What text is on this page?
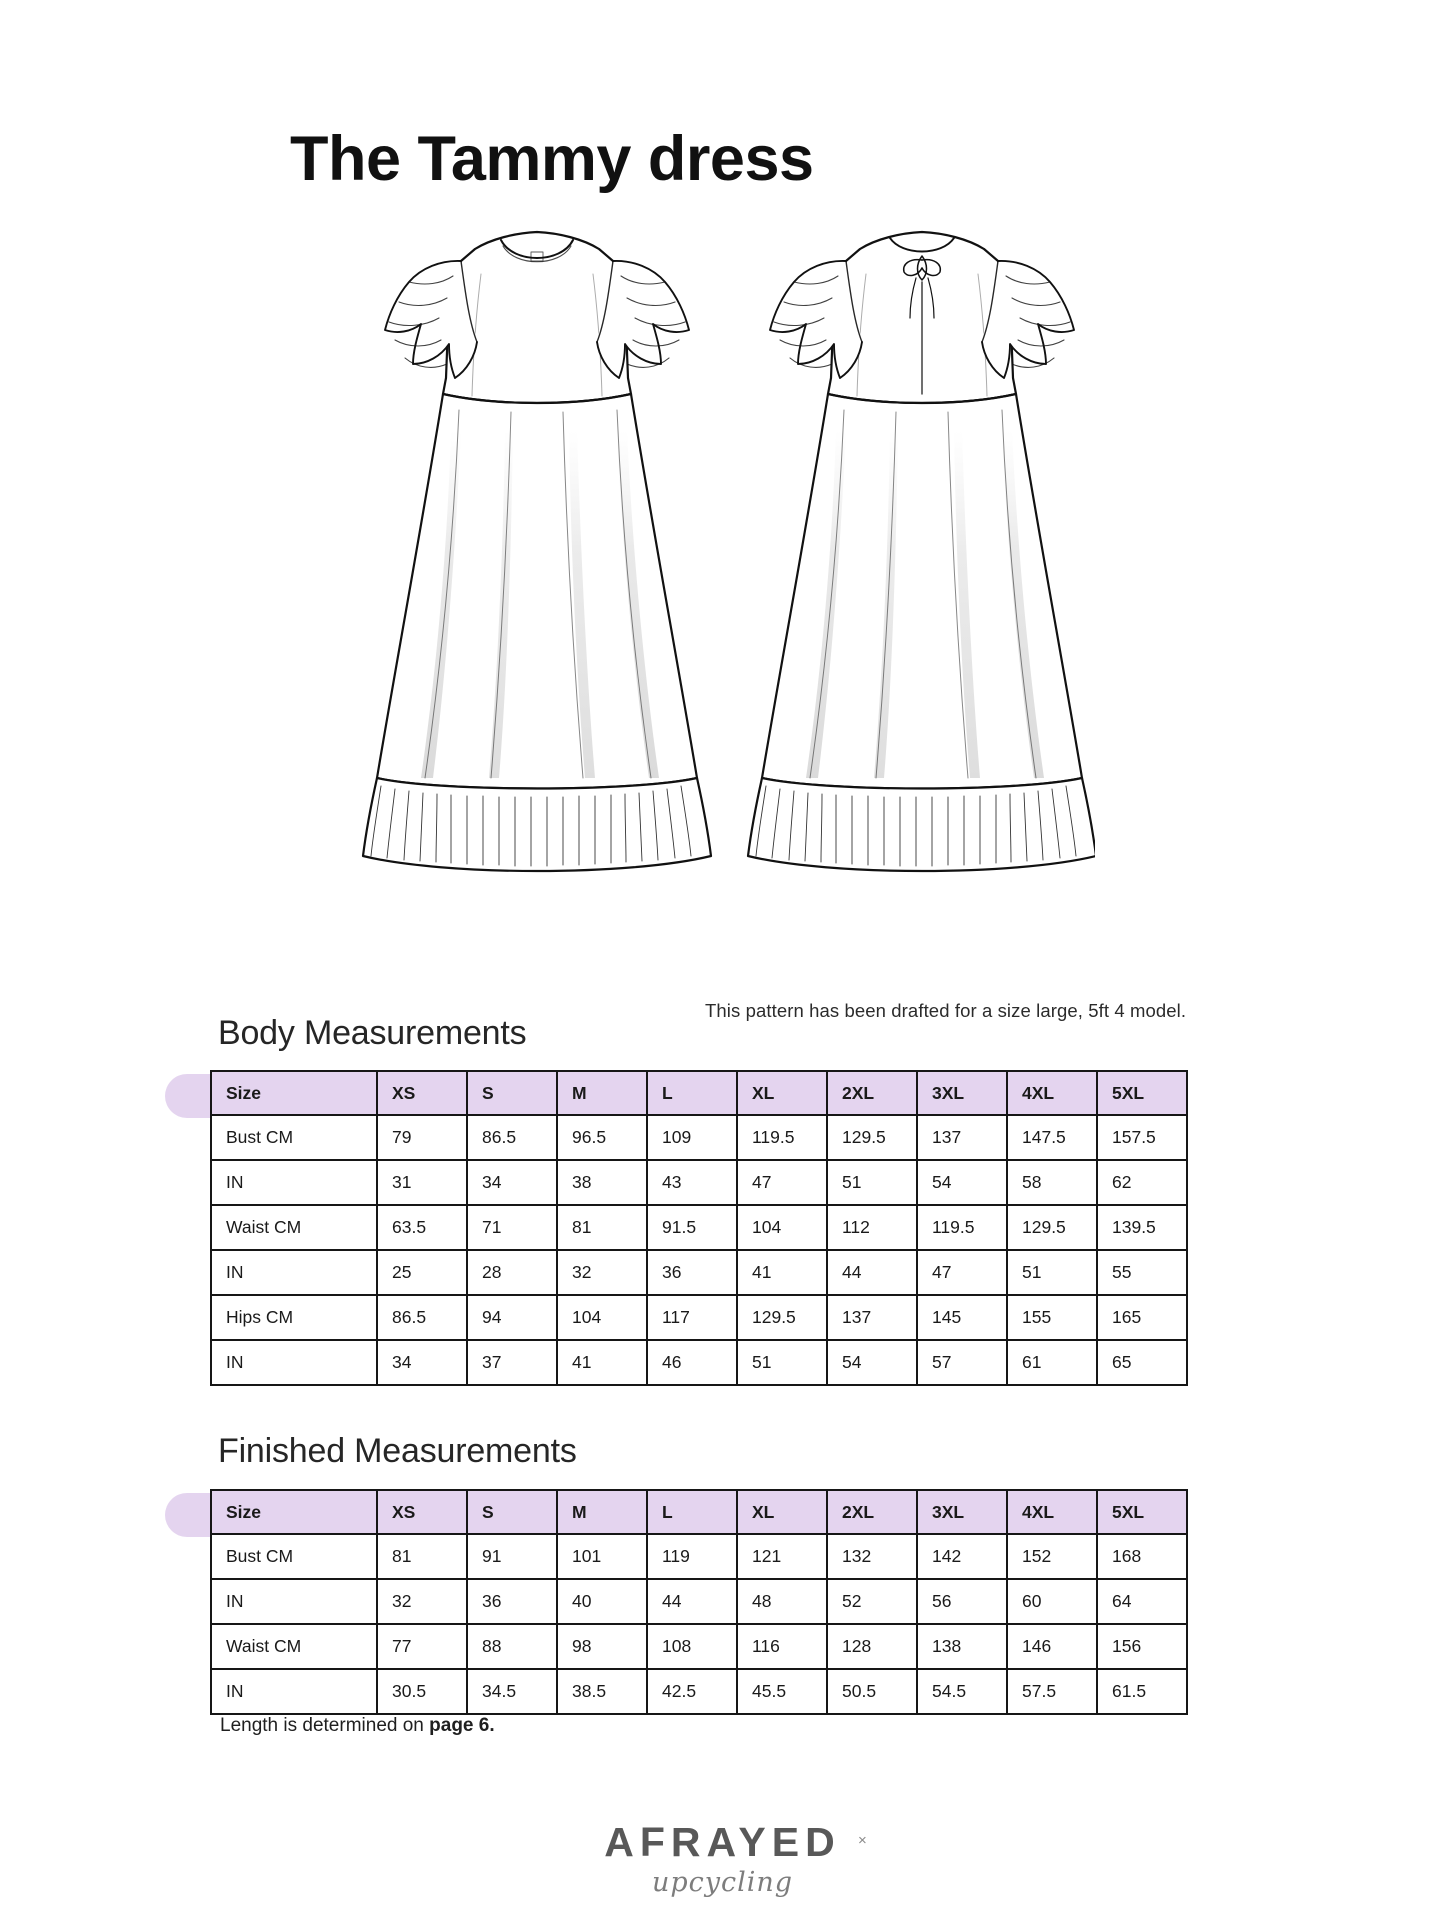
The Tammy dress
This pattern has been drafted for a size large, 5ft 4 model.
Body Measurements
Size	XS	S	M	L	XL	2XL	3XL	4XL	5XL
Bust CM	79	86.5	96.5	109	119.5	129.5	137	147.5	157.5
IN	31	34	38	43	47	51	54	58	62
Waist CM	63.5	71	81	91.5	104	112	119.5	129.5	139.5
IN	25	28	32	36	41	44	47	51	55
Hips CM	86.5	94	104	117	129.5	137	145	155	165
IN	34	37	41	46	51	54	57	61	65
Finished Measurements
Size	XS	S	M	L	XL	2XL	3XL	4XL	5XL
Bust CM	81	91	101	119	121	132	142	152	168
IN	32	36	40	44	48	52	56	60	64
Waist CM	77	88	98	108	116	128	138	146	156
IN	30.5	34.5	38.5	42.5	45.5	50.5	54.5	57.5	61.5
Length is determined on page 6.
AFRAYED ×
upcycling
